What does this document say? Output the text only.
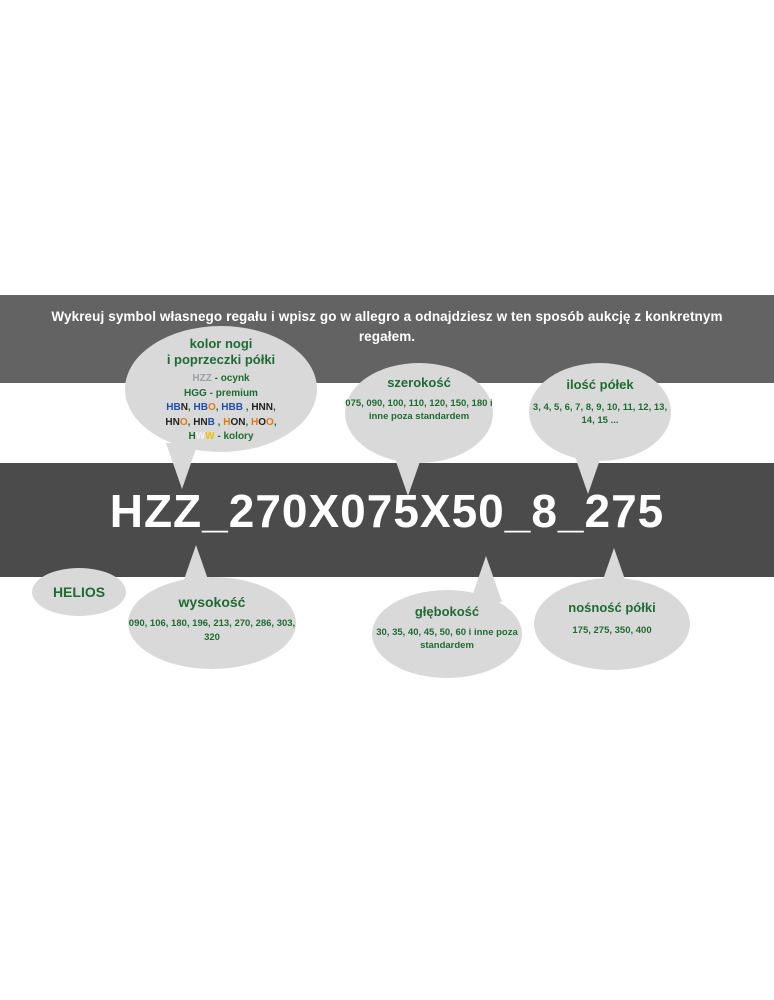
Wykreuj symbol własnego regału i wpisz go w allegro a odnajdziesz w ten sposób aukcję z konkretnym regałem.
HZZ_270X075X50_8_275
kolor nogi
i poprzeczki półki
HZZ - ocynk
HGG - premium
HBN, HBO, HBB , HNN,
HNO, HNB , HON, HOO,
HWW - kolory
szerokość
075, 090, 100, 110, 120, 150, 180 i inne poza standardem
ilość półek
3, 4, 5, 6, 7, 8, 9, 10, 11, 12, 13, 14, 15 ...
HELIOS
wysokość
090, 106, 180, 196, 213, 270, 286, 303, 320
głębokość
30, 35, 40, 45, 50, 60 i inne poza standardem
nośność półki
175, 275, 350, 400
